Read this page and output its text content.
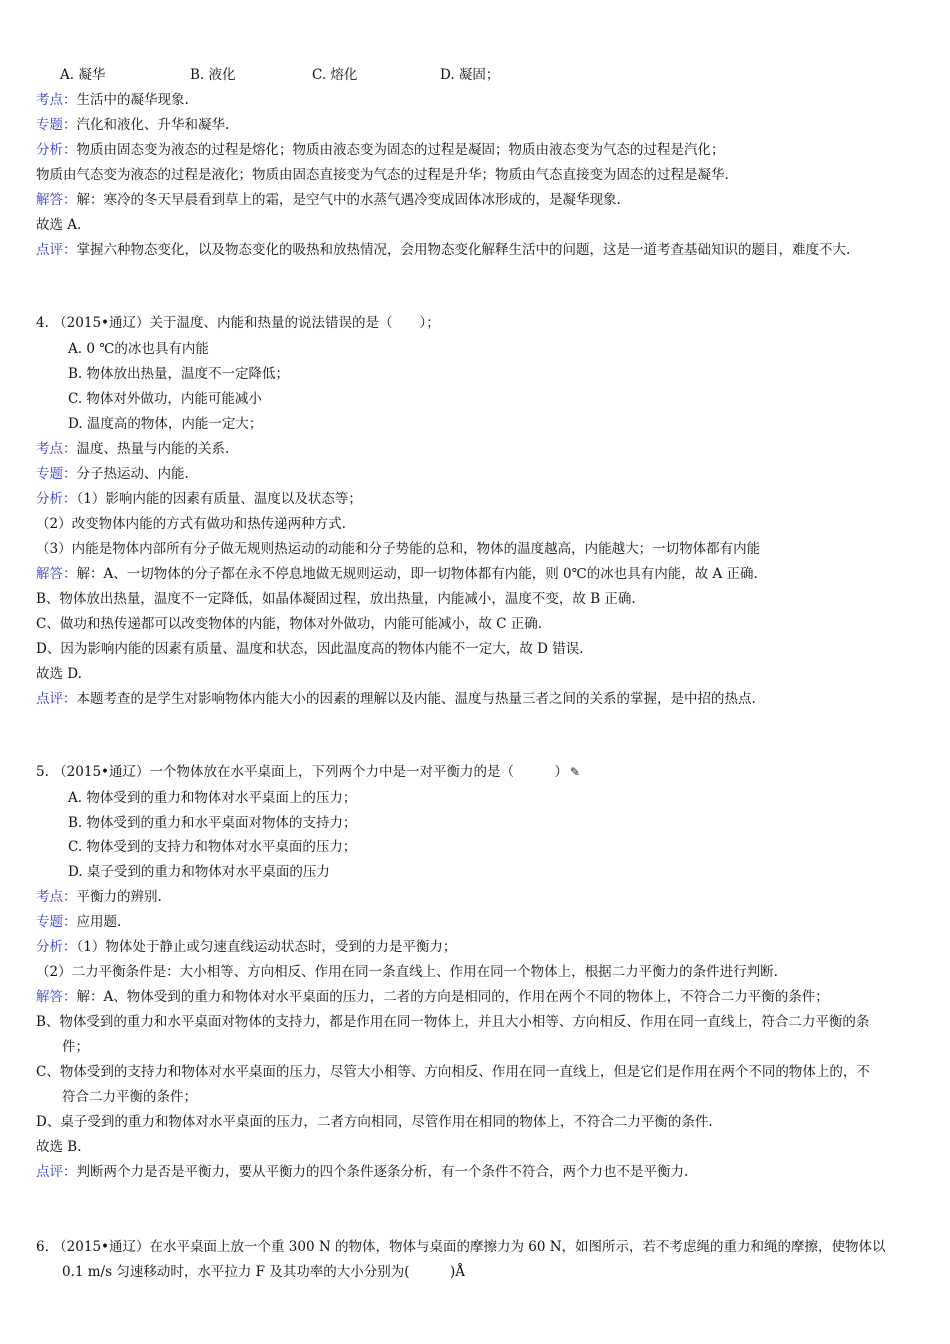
A. 凝华	B. 液化	C. 熔化	D. 凝固；
考点：生活中的凝华现象.
专题：汽化和液化、升华和凝华.
分析：物质由固态变为液态的过程是熔化；物质由液态变为固态的过程是凝固；物质由液态变为气态的过程是汽化；
物质由气态变为液态的过程是液化；物质由固态直接变为气态的过程是升华；物质由气态直接变为固态的过程是凝华.
解答：解：寒冷的冬天早晨看到草上的霜，是空气中的水蒸气遇冷变成固体冰形成的，是凝华现象.
故选 A.
点评：掌握六种物态变化，以及物态变化的吸热和放热情况，会用物态变化解释生活中的问题，这是一道考查基础知识的题目，难度不大.
4. （2015•通辽）关于温度、内能和热量的说法错误的是（　　）；
A. 0 ℃的冰也具有内能
B. 物体放出热量，温度不一定降低；
C. 物体对外做功，内能可能减小
D. 温度高的物体，内能一定大；
考点：温度、热量与内能的关系.
专题：分子热运动、内能.
分析：（1）影响内能的因素有质量、温度以及状态等；
（2）改变物体内能的方式有做功和热传递两种方式.
（3）内能是物体内部所有分子做无规则热运动的动能和分子势能的总和，物体的温度越高，内能越大；一切物体都有内能
解答：解：A、一切物体的分子都在永不停息地做无规则运动，即一切物体都有内能，则 0℃的冰也具有内能，故 A 正确.
B、物体放出热量，温度不一定降低，如晶体凝固过程，放出热量，内能减小，温度不变，故 B 正确.
C、做功和热传递都可以改变物体的内能，物体对外做功，内能可能减小，故 C 正确.
D、因为影响内能的因素有质量、温度和状态，因此温度高的物体内能不一定大，故 D 错误.
故选 D.
点评：本题考查的是学生对影响物体内能大小的因素的理解以及内能、温度与热量三者之间的关系的掌握，是中招的热点.
5. （2015•通辽）一个物体放在水平桌面上，下列两个力中是一对平衡力的是（　　　） ✎
A. 物体受到的重力和物体对水平桌面上的压力；
B. 物体受到的重力和水平桌面对物体的支持力；
C. 物体受到的支持力和物体对水平桌面的压力；
D. 桌子受到的重力和物体对水平桌面的压力
考点：平衡力的辨别.
专题：应用题.
分析：（1）物体处于静止或匀速直线运动状态时，受到的力是平衡力；
（2）二力平衡条件是：大小相等、方向相反、作用在同一条直线上、作用在同一个物体上，根据二力平衡力的条件进行判断.
解答：解：A、物体受到的重力和物体对水平桌面的压力，二者的方向是相同的，作用在两个不同的物体上，不符合二力平衡的条件；
B、物体受到的重力和水平桌面对物体的支持力，都是作用在同一物体上，并且大小相等、方向相反、作用在同一直线上，符合二力平衡的条
件；
C、物体受到的支持力和物体对水平桌面的压力，尽管大小相等、方向相反、作用在同一直线上，但是它们是作用在两个不同的物体上的，不
符合二力平衡的条件；
D、桌子受到的重力和物体对水平桌面的压力，二者方向相同，尽管作用在相同的物体上，不符合二力平衡的条件.
故选 B.
点评：判断两个力是否是平衡力，要从平衡力的四个条件逐条分析，有一个条件不符合，两个力也不是平衡力.
6. （2015•通辽）在水平桌面上放一个重 300 N 的物体，物体与桌面的摩擦力为 60 N，如图所示，若不考虑绳的重力和绳的摩擦，使物体以
0.1 m/s 匀速移动时，水平拉力 F 及其功率的大小分别为(　　　)Å
